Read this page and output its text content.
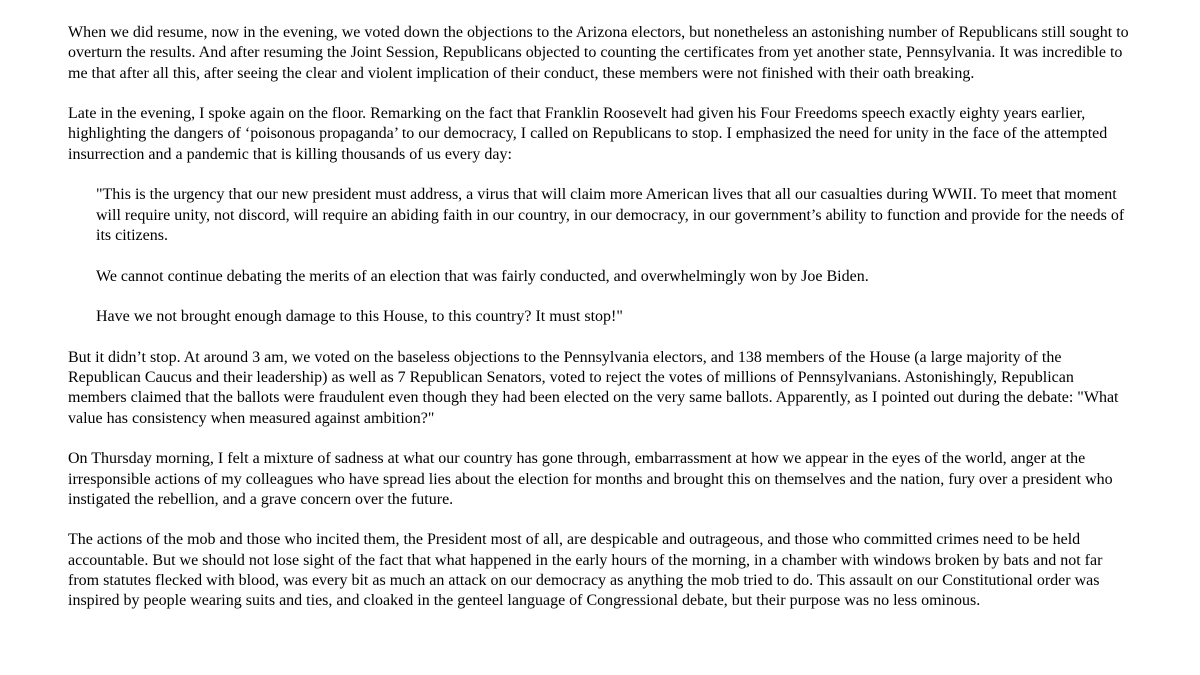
When we did resume, now in the evening, we voted down the objections to the Arizona electors, but nonetheless an astonishing number of Republicans still sought to overturn the results. And after resuming the Joint Session, Republicans objected to counting the certificates from yet another state, Pennsylvania. It was incredible to me that after all this, after seeing the clear and violent implication of their conduct, these members were not finished with their oath breaking.

Late in the evening, I spoke again on the floor. Remarking on the fact that Franklin Roosevelt had given his Four Freedoms speech exactly eighty years earlier, highlighting the dangers of ‘poisonous propaganda’ to our democracy, I called on Republicans to stop. I emphasized the need for unity in the face of the attempted insurrection and a pandemic that is killing thousands of us every day:

"This is the urgency that our new president must address, a virus that will claim more American lives that all our casualties during WWII. To meet that moment will require unity, not discord, will require an abiding faith in our country, in our democracy, in our government’s ability to function and provide for the needs of its citizens.

We cannot continue debating the merits of an election that was fairly conducted, and overwhelmingly won by Joe Biden.

Have we not brought enough damage to this House, to this country? It must stop!"

But it didn’t stop. At around 3 am, we voted on the baseless objections to the Pennsylvania electors, and 138 members of the House (a large majority of the Republican Caucus and their leadership) as well as 7 Republican Senators, voted to reject the votes of millions of Pennsylvanians. Astonishingly, Republican members claimed that the ballots were fraudulent even though they had been elected on the very same ballots. Apparently, as I pointed out during the debate: "What value has consistency when measured against ambition?"

On Thursday morning, I felt a mixture of sadness at what our country has gone through, embarrassment at how we appear in the eyes of the world, anger at the irresponsible actions of my colleagues who have spread lies about the election for months and brought this on themselves and the nation, fury over a president who instigated the rebellion, and a grave concern over the future.

The actions of the mob and those who incited them, the President most of all, are despicable and outrageous, and those who committed crimes need to be held accountable. But we should not lose sight of the fact that what happened in the early hours of the morning, in a chamber with windows broken by bats and not far from statutes flecked with blood, was every bit as much an attack on our democracy as anything the mob tried to do. This assault on our Constitutional order was inspired by people wearing suits and ties, and cloaked in the genteel language of Congressional debate, but their purpose was no less ominous.
